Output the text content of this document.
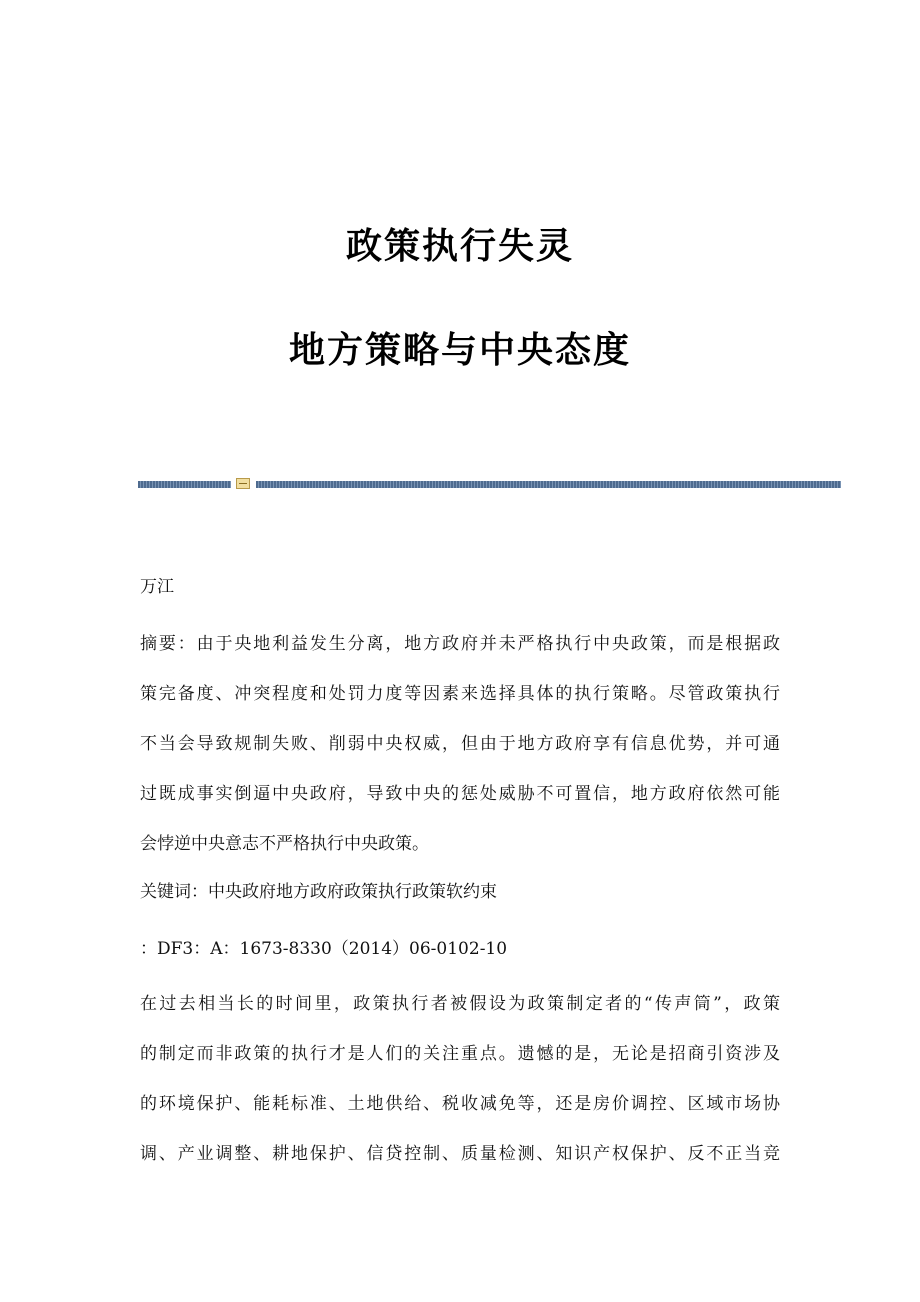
政策执行失灵
地方策略与中央态度
万江
摘要：由于央地利益发生分离，地方政府并未严格执行中央政策，而是根据政
策完备度、冲突程度和处罚力度等因素来选择具体的执行策略。尽管政策执行
不当会导致规制失败、削弱中央权威，但由于地方政府享有信息优势，并可通
过既成事实倒逼中央政府，导致中央的惩处威胁不可置信，地方政府依然可能
会悖逆中央意志不严格执行中央政策。
关键词：中央政府地方政府政策执行政策软约束
：DF3：A：1673-8330（2014）06-0102-10
在过去相当长的时间里，政策执行者被假设为政策制定者的“传声筒”，政策
的制定而非政策的执行才是人们的关注重点。遗憾的是，无论是招商引资涉及
的环境保护、能耗标准、土地供给、税收减免等，还是房价调控、区域市场协
调、产业调整、耕地保护、信贷控制、质量检测、知识产权保护、反不正当竞
